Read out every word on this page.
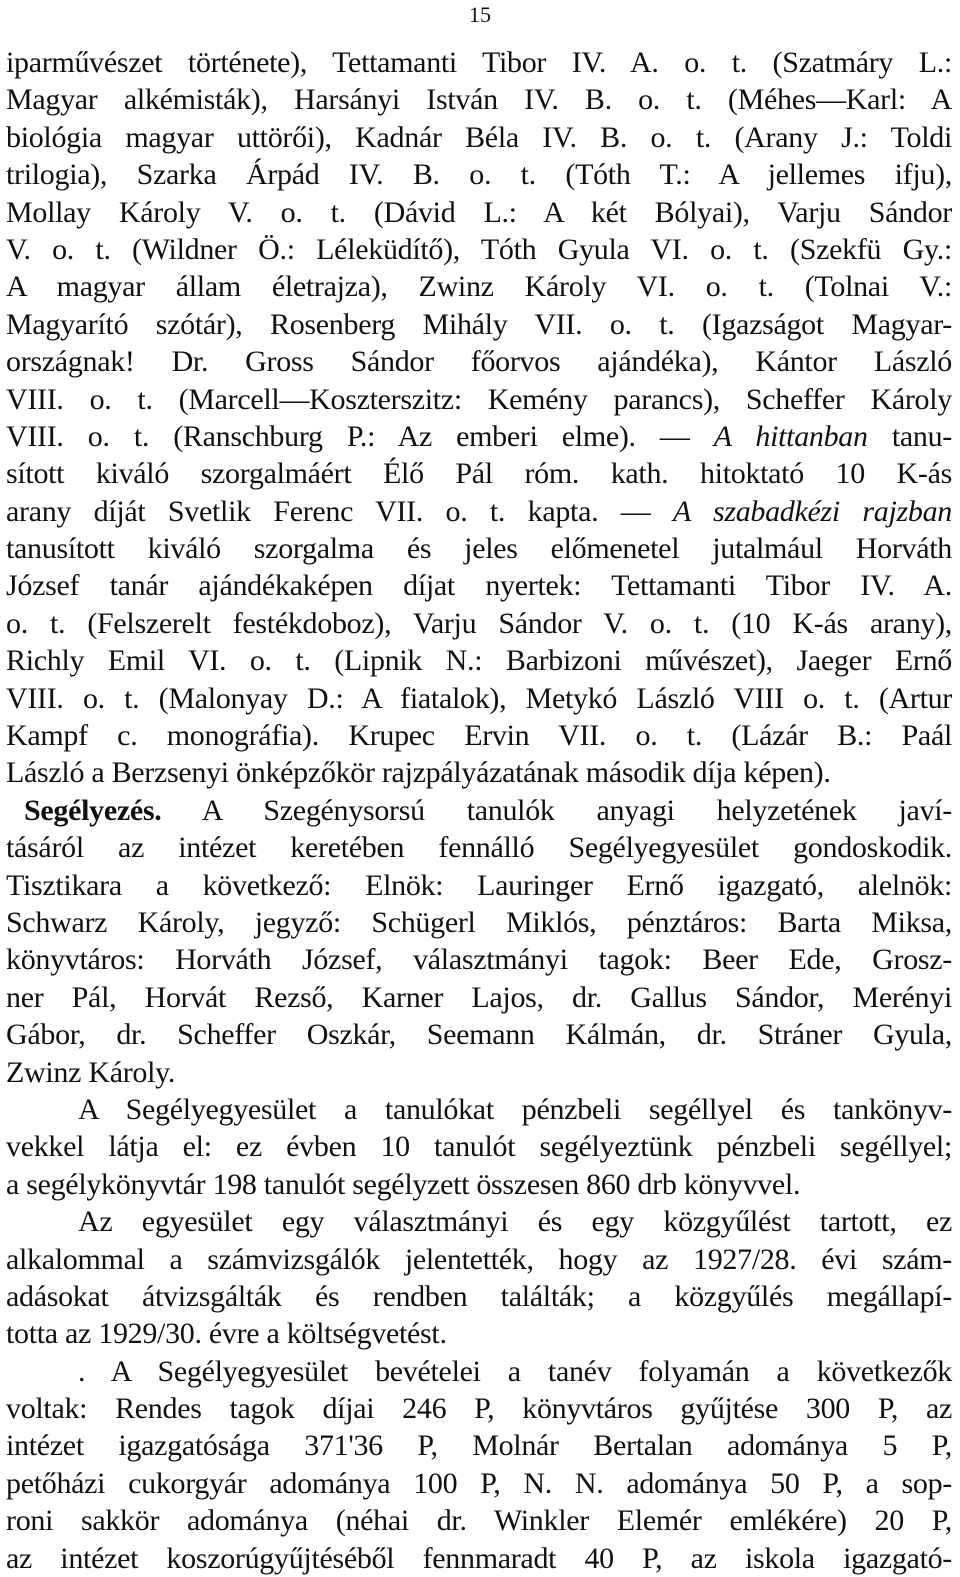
15
iparművészet története), Tettamanti Tibor IV. A. o. t. (Szatmáry L.:
Magyar alkémisták), Harsányi István IV. B. o. t. (Méhes—Karl: A
biológia magyar uttörői), Kadnár Béla IV. B. o. t. (Arany J.: Toldi
trilogia), Szarka Árpád IV. B. o. t. (Tóth T.: A jellemes ifju),
Mollay Károly V. o. t. (Dávid L.: A két Bólyai), Varju Sándor
V. o. t. (Wildner Ö.: Léleküdítő), Tóth Gyula VI. o. t. (Szekfü Gy.:
A magyar állam életrajza), Zwinz Károly VI. o. t. (Tolnai V.:
Magyarító szótár), Rosenberg Mihály VII. o. t. (Igazságot Magyar-
országnak! Dr. Gross Sándor főorvos ajándéka), Kántor László
VIII. o. t. (Marcell—Koszterszitz: Kemény parancs), Scheffer Károly
VIII. o. t. (Ranschburg P.: Az emberi elme). — A hittanban tanu-
sított kiváló szorgalmáért Élő Pál róm. kath. hitoktató 10 K-ás
arany díját Svetlik Ferenc VII. o. t. kapta. — A szabadkézi rajzban
tanusított kiváló szorgalma és jeles előmenetel jutalmául Horváth
József tanár ajándékaképen díjat nyertek: Tettamanti Tibor IV. A.
o. t. (Felszerelt festékdoboz), Varju Sándor V. o. t. (10 K-ás arany),
Richly Emil VI. o. t. (Lipnik N.: Barbizoni művészet), Jaeger Ernő
VIII. o. t. (Malonyay D.: A fiatalok), Metykó László VIII o. t. (Artur
Kampf c. monográfia). Krupec Ervin VII. o. t. (Lázár B.: Paál
László a Berzsenyi önképzőkör rajzpályázatának második díja képen).
Segélyezés. A Szegénysorsú tanulók anyagi helyzetének javí-
tásáról az intézet keretében fennálló Segélyegyesület gondoskodik.
Tisztikara a következő: Elnök: Lauringer Ernő igazgató, alelnök:
Schwarz Károly, jegyző: Schügerl Miklós, pénztáros: Barta Miksa,
könyvtáros: Horváth József, választmányi tagok: Beer Ede, Grosz-
ner Pál, Horvát Rezső, Karner Lajos, dr. Gallus Sándor, Merényi
Gábor, dr. Scheffer Oszkár, Seemann Kálmán, dr. Stráner Gyula,
Zwinz Károly.
A Segélyegyesület a tanulókat pénzbeli segéllyel és tankönyv-
vekkel látja el: ez évben 10 tanulót segélyeztünk pénzbeli segéllyel;
a segélykönyvtár 198 tanulót segélyzett összesen 860 drb könyvvel.
Az egyesület egy választmányi és egy közgyűlést tartott, ez
alkalommal a számvizsgálók jelentették, hogy az 1927/28. évi szám-
adásokat átvizsgálták és rendben találták; a közgyűlés megállapí-
totta az 1929/30. évre a költségvetést.
. A Segélyegyesület bevételei a tanév folyamán a következők
voltak: Rendes tagok díjai 246 P, könyvtáros gyűjtése 300 P, az
intézet igazgatósága 371'36 P, Molnár Bertalan adománya 5 P,
petőházi cukorgyár adománya 100 P, N. N. adománya 50 P, a sop-
roni sakkör adománya (néhai dr. Winkler Elemér emlékére) 20 P,
az intézet koszorúgyűjtéséből fennmaradt 40 P, az iskola igazgató-
